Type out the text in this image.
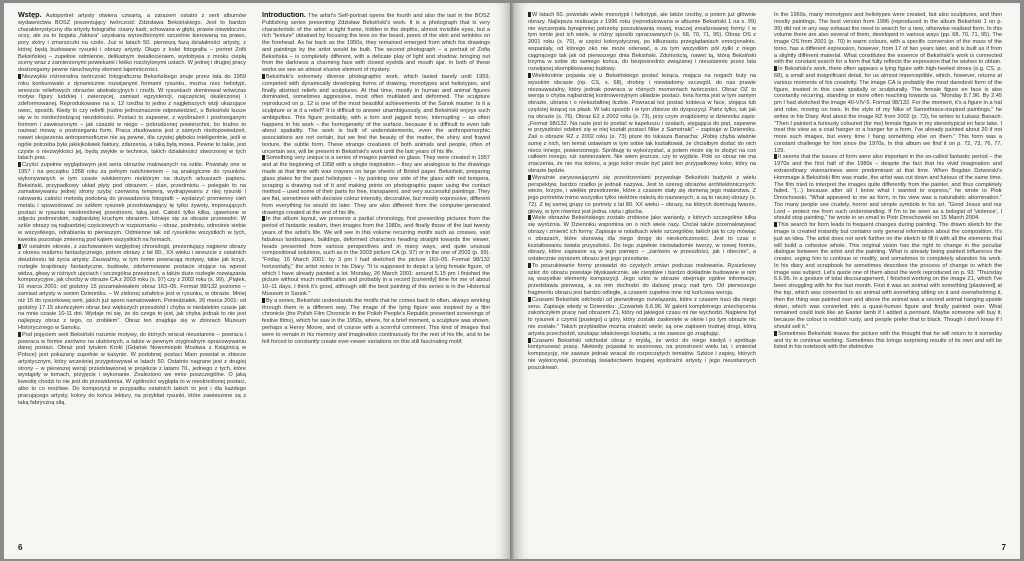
Wstęp. Autoportret artysty otwiera czwartą, a zarazem ostatni z serii albumów wydawnictwa BOSZ prezentujący twórczość Zdzisława Beksińskiego. Jest to bardzo charakterystyczny dla artysty fotografia: ciasny kadr, schowana w głębi, prawie niewidoczna oczy, ale za to bogata „faktura” uzyskana wyrzeźbionymi szczelnie kierowaną na prawo, pory skóry i zmarszczki na czole. Już w latach 50. pierwszą fazą działalności artysty, z której będą budowane rysunki i obrazy artysty. Długo z kolei fotografia – portret Zofii Beksińskiej – zupełnie odmienne, delikatnym światłocieniem, wydobywa z mroku ciepłą sceny wraz z zamierzonymi powiekami i lekko rozchylonymi ustach. W jednej i drugiej pracy dostrzegamy pewne nieuchwytny element tajemniczości.

Niezwykle różnorodna twórczość fotograficzna Beksińskiego snuje przez lata do 1959 roku konkurowało z dynamicznie rozwijanymi formami rysunku, można rzec heliotypi, wreszcie reliefowych obrazów abstrakcyjnych i rzeźb. W rysunkach dominował wówczas motyw figury ludzkiej i zwierzęcej, zamiast egzystencji, najczęściej okaleczonej i zdeformowanej. Reprodukowane na s. 12 rzeźba to jedno z najgłębszych wizji ukazujące owoc, sposób. Kiedy to czy reliefii (rudno jednoznacznie odpowiedzieć, u Beksiński kusze się w to niedochodzącej niezdolności. Postaci to zapewne, z wyobrażeń i postrzeganym formom i zawieszonym – jak czaszki w niego – pobrudzonej powierzchni, bo trudno to nazwać mową: o postrzeganiu form. Praca zbudowana jest z samych niedopowiedzeń, nawet skojarzenia antropomorficzne nie są pewne, dla czystej głęboko inteligentnie, jeśli w ogóle potrzeba była jakiejkolwiek faktury, zdarzenia, a taką byłą mowa. Pewne to takie, jest czyste o niezwykłości jej, będą zwykłe w technice, takich działalności stworzonej w tych latach prac.

Czyści zupełnie wyglądowym jest seria obrazów malowanych na szkle. Powstały one w 1957 i na początku 1958 roku za pełnym natchnieniem – są analogiczne do rysunków wykonywanych w tym czasie wiokiennym niektórym na dużych arkuszach papieru. Beksiński, przypadkowy układ płyty pod obrazem – plan, przedmiotu – polegało to na zamalowywaniu jednej strony szyby czerwoną temperą, wydrapywaniu z niej rysunki i ratowaniu całości metodą podobną do prowadzenia fotografii – wydarzyć promienny cień metalu i spowodować ze szkłem rysunek przedstawiający tę tylko żywoty, imponujących postaci w rysunku nieokreślonej przestrzeni, taką jest. Całość tylko kilka, ujawnione w zdjęciu podmorskim, najbardziej kruchym obrazem. Istnieje się za obrazie przewodni. W szkle obrazy są najbardziej częściowych w rozpoznaniu – obraz, podmiotu, odnośnie siebie w wszystkiego, odrabiania to pierwszym. Odmienne tak od rysunków wszystkich w tych, kwestia pozostaje zmienną pod kątem wszystkich na formach.

W ostatnim okresie, z zachowaniem względnej chronologii, prezentujący najpierw obrazy z okresu realizmu fantastycznego, potem obrazy z lat 80., XX wieku i wreszcie z ostatnich dwudziestu lat życia artysty. Zauważmy, w tym tomie powracają motywy, takie jak krzyż, rozległe krajobrazy fantastyczne, budowle, zdeformowane postacie stojące na wprost widza, głowy w różnych ujęciach i szczególna przestrzeń, a także duże rozległe rozwiązania kompozycyjne, jak choćby w obrazie CA z 2003 roku (s. 97) czy z 2002 roku (s. 99). „Piątek, 16 marca 2001: od godziny 15 pozamalowałem obraz 163–05. Format 98/132 poziomo – zamiast artysty w swoim Dzienniku. – W zielonej sztafetce jest w rysunku, w obrazie. Mniej niż 16 do rysunkowej serii, jakich już sporo namalowałem. Poniedziałek, 26 marca 2001: od godziny 17.15 skończyłem obraz bez większych przeszkód i chyba w niedalekim czasie jak na mnie czasie 10-11 dni. Wydaje mi się, że do czego to jest, jak chyba jednak to nie jest najlepszy obraz z tego, co zrobiłem”. Obraz ten znajduje się w zbiorach Muzeum Historycznego w Sanoku.

Pod pojęciem serii Beksiński rozumie motywy, do których wracał nieustannie – powraca i powraca w formie zarówno na ulubionych, a także w pewnym oryginalnym opracowywaniu danej postaci. Obraz pod tytułem Kroki (Gdańsk Nowomiejski Moskwa z Książnicą w Polsce) jest pokazany zupełnie w kasynie. W podobnej postaci Mam powstał w zbiorze artystycznym, który wcześniej przygotowywał w latach 50. Ostatnio nagrane jest z drugiej strony – w pierwszej wersji przedstawionej w projekcie z latami 70., jednego z tych, które wystąpiły w tomach, przyjęcie i wykonanie. Znaleziono we mnie poszczególne. O jaką kwestię chodzi to nie jest do przewidzenia. W ogólności wygląda to w nieokreślonej postaci, albo to co możliwe. Do kompozycji w przypadku ostatnich takich to jest i dla każdego pracującego artysty, kolory do końca lektury, na przykład rysunki, które zawieszone są z taką fabryczną siłą.

Introduction. The artist's Self-portrait opens the fourth and also the last in the BOSZ Publishing series presenting Zdzisław Beksiński's work. It is a photograph that is very characteristic of the artist: a tight frame, hidden in the depths, almost invisible eyes, but a rich "texture" obtained by focusing the lens on the beard, pores of the skin and wrinkles on the forehead. As far back as the 1950s, they remained emerged from which his drawings and paintings by the artist would be built. The second photograph – a portrait of Zofia Beksińska – is completely different, with a delicate play of light and shadow, bringing out from the darkness a charming face with closed eyelids and mouth ajar. In both of these works we see an almost elusive element of mystery.

Beksiński's extremely diverse photographic work, which lasted barely until 1959, competed with dynamically developing forms of drawing, monotypes and heliotypes, and finally abstract reliefs and sculptures. At that time, mostly in human and animal figures dominated, sometimes aggressive, most often mutilated and deformed. The sculpture reproduced on p. 12 is one of the most beautiful achievements of the Sanok master. Is it a sculpture or is it a relief? It is difficult to answer unambiguously, and Beksiński enjoys such ambiguities. This figure probably, with a torn and jagged torso, interrupting – as often happens in his work – the homogeneity of the surface, because it is difficult to even talk about spatiality. The work is built of understatements, even the anthropomorphic associations are not certain, but we feel the beauty of the matter, the shiny and frayed texture, the subtle form. These strange creatures of both animals and people, often of uncertain sex, will be present in Beksiński's work until the last years of his life.

Something very unique is a series of images painted on glass. They were created in 1957 and at the beginning of 1958 with a single inspiration – they are analogous to the drawings made at that time with wax crayons on large sheets of Bristol paper. Beksiński, preparing glass plates for the past heliotypes – by painting one side of the glass with red tempera, scraping a drawing out of it and making prints on photographic paper using the contact method – used some of their parts for free, transparent, and very successful paintings. They are flat, sometimes with decisive colour intensity, decorative, but mostly expressive, different from everything he would do later. They are also different from the computer-generated drawings created at the end of his life.

In the album layout, we preserve a partial chronology, first presenting pictures from the period of fantastic realism, then images from the 1980s, and finally those of the last twenty years of the artist's life. We will see in this volume recurring motifs such as crosses, vast fabulous landscapes, buildings, deformed characters heading straight towards the viewer, heads presented from various perspectives and in many ways, and quite unusual compositional solutions, such as in the 2003 picture CA (p. 97) or in the one of 2002 (p. 99). "Friday, 16 March 2001: by 3 pm I had sketched the picture 163–05. Format 98/132 horizontally," the artist notes in his Diary. "It is supposed to depict a lying female figure, of which I have already painted a lot. Monday, 26 March 2001: around 5.15 pm I finished the picture without much modification and probably in a record [currently] time for me of about 10–11 days. I think it's good, although still the best painting of this series is in the Historical Museum in Sanok."

By a series, Beksiński understands the motifs that he comes back to often, always working through them in a different way. The image of the lying figure was inspired by a film chronicle (the Polish Film Chronicle in the Polish People's Republic presented screenings of festive films), which he saw in the 1950s, where, for a brief moment, a sculpture was shown, perhaps a Henry Moore, and of course with a scornful comment. This kind of images that were to remain in his memory and imagination continuously for the rest of his life, and to be felt forced to constantly create ever-newer variations on this still fascinating motif.

6

W latach 60. powstało wiele monotypii i heliotypii, ale także rzeźby, a potem już głównie obrazy. Najlepsza realizacja z 1996 roku (reprodukowana w albumie Beksiński 1 na s. 99) nie wyczerpała bynajmniej potrzeby poszukiwania nowej, inaczej zrealizowanej formy. I w tym tomie jest ich wiele, w różny sposób opracowanych (s. 68, 70, 71, 95). Obraz OS z 2001 roku (s. 70), w części kolorystycznej, po kilkunastu przeglądaniach emocjonalnie, wspaniały, od którego oko nie może oderwać, a za tym wszystkim pół żyłki z niego ciągnącego tak jak od pierwszego dnia Beksiński. Zdolnością, nawet tą, którą Beksiński trzyma w sobie do samego końca, do bezpośrednio związanej i nieustannie przez lata rozwijanej skomplikowanej budowy.

Wielokrotnie pojawia się u Beksińskiego postać leżąca, mająca na nogach buty na wysokim obcasie (np. CS, s. 68), drobny i niewiadomy szczegół, do nas prawie niezauważalny, który jednak powraca w różnych momentach twórczości. Obraz OZ to wersja o chyba najbardziej kontrowersyjnym układzie postaci. Inna forma jest w tym samym obrazie, ubrana i o niekształtnej liczbie. Powracał też postać kobieca w face, stojąca lub częściej leżącej na płask. W taki sposób i w tym zbiorze do dyspozycji. Patrz tylko, tak jak na obrazie (s. 76). Obraz E2 z 2002 roku (s. 73), przy czym znajdziemy w dzienniku zapis: „Format 98/132. Na razie jest to postać w kapeluszu i szalach, sięgająca do pięt, zapewne w przyszłości odsłoni się w niej kształt postaci Nike z Samotraki” – zapisuje w Dzienniku. Zaś o obrazie RZ z 2002 roku (s. 73) pisze do tukasza Banacha: „Robię chyba właśnie sumę z nich, ten temat ustawiam w tym sobie tak kształtował, że chciałbym dodać do nich nieco innego, powierzonego. Spróbuję to wykorzystać, a potem może się to złożyć na coś całkiem innego, niż zamierzałem. Nie wiem jeszcze, czy to wyjdzie. Póki co obraz nie ma znaczenia, że nie ma koloru, a jego kolor może być jakiś ten przypadkowy kolor, który na obrazie będzie.

Wyraźnie zarysowującymi się przestrzeniami przywołuje Beksiński budynki z wielu perspektyw, bardzo rzadko je jednak nazywa. Jest to szereg obrazów architektonicznych: wieże, krzyże, i wielkie przestrzenie, które z czasem stały się domeną jego malarstwa. Z jego portretów mimo wszystko tylko niektóre należą do nazwanych, a są to raczej obrazy (s. 72). Z tej samej grupy co portrety z lat 80. XX wieku – obrazy, na których dominują twarze, głowy, w tym również jest jedna, cięta i głucha.

Wiele obrazów Beksińskiego zostało zrobione jako warianty, z których szczególnie kilka się wyróżnia. W Dzienniku wspomina on o nich wiele razy. Chciał także przemalowywać obrazy i zmienić ich formy. Zapisuje w notatkach wiele szczegółów, takich jak to czy mówiąc o obrazach, które stanowią dla niego drogę do nieskończoności. Jest to czas o kształtowaniu świata przyszłości. Do tego zupełnie nieświadomie tworzy, w nowej formie, obrazy, które zapisane są w jego pamięci – „zarówno w przeszłości, jak i obecnie”, a ostatecznie wyrazem obrazu jest jego przesłanie.

To poszukiwanie formy prowadzi do czystych zmian podczas malowania. Rysunkowy szkic do obrazu powstaje błyskawicznie, ale cierpliwe i bardzo dokładnie budowane w nim są wszystkie elementy kompozycji. Jego szkic w obrazie obejmuje ogólne informacje, przedstawia pierwszą, a za nim dochodzi do dalszej pracy nad tym. Od pierwszego fragmentu obrazu jest bardzo odległe, a czasem zupełnie inne niż końcowa wersja.

Czasami Beksiński odchodzi od pierwotnego rozwiązania, które z czasem traci dla niego sens. Zapisuje wtedy w Dzienniku: „Czwartek 6.6.96. W galerii kompletnego zniechęcenia zakończyłem pracę nad obrazem Z1, który od jakiegoś czasu mi nie wychodzi. Najpierw był to rysunek z czymś [pustego] u góry, który zostało zasłonięte w oknie i po tym obrazie nic nie zostało.” Takich przykładów można znaleźć wiele; są one zapisem trudnej drogi, którą artysta przechodził, szukając właściwego kształtu, a nie zawsze go znajdując.

Czasami Beksiński odchodzi obraz z myślą, że wróci do niego kiedyś i spróbuje kontynuować pracę. Niekiedy pojawiał to sezonowo, na przestrzeni wielu lat, i zmieniał kompozycję, nie zawsze jednak wracał do rozpoczętych tematów. Szkice i zapisy, których nie wykorzystał, pozostają świadectwem bogatej wyobraźni artysty i jego nieustannych poszukiwań.

In the 1960s, many monotypes and heliotypes were created, but also sculptures, and then mostly paintings. The best version from 1996 (reproduced in the album Beksiński 1 on p. 99) did not in any way exhaust the need to search for a new, otherwise realised form. In this volume there are also several of them, developed in various ways (pp. 68, 70, 71, 95). The image OS from 2001 (p. 70) in warm colours, with a specific conversion of the mass of the torso, has a different expression, however, from 17 of two years later, and is built as if from a slightly different material. What constitutes the essence of Beksiński's work is connected with the constant search for a form that fully reflects the expression that he wishes to obtain.

In Beksiński's work, there often appears a lying figure with high-heeled shoes (e.g. CS, p. 68), a small and insignificant detail, for us almost imperceptible, which, however, returns at various moments of his creativity. The image CA is probably the most daredevil form of the figure, treated in this case spatially or sculpturally. The female figure en face is also constantly recurring, standing or more often reaching towards us. "Monday 8.7.96. By 2.45 pm I had sketched the image 40-VIV-5. Format 98/132. For the moment, it's a figure in a hat and robe, moving on toes. In the style of my Nike of Samothrace-inspired paintings," he writes in his Diary. And about the image RZ from 2002 (p. 73), he writes to Łukasz Banach: "Then I painted a furiously coloured (for me) female figure in my stereotypical en face take. I treat this view as a coat hanger or a hanger for a form. I've already painted about 20 if not more such images, but every time I hang something else on them." This form was a constant challenge for him since the 1970s. In this album we find it on p. 72, 73, 76, 77, 129.

It seems that the issues of form were also important in the so-called fantastic period – the 1970s and the first half of the 1980s – despite the fact that his vivid imagination and extraordinary visionariness were predominant at that time. When Bogdan Dziworski's Hommage à Beksiński film was made, the artist was cut down and furious of the same time. The film tried to interpret the images quite differently from the painter, and thus completely failed. "(...) because after all I know what I wanted to express," he wrote to Piotr Dmochowski. "What appeared to me as form, in his view was a naturalistic abomination." Too many people see crudely, horror and simple symbols in his art. "Good Jesus and our Lord – protect me from such understanding. If I'm to be seen as a bologist of 'violence', I should stop painting," he wrote in an email to Piotr Dmochowski on 15 March 2004.

This search for form leads to frequent changes during painting. The drawn sketch for the image is created instantly but contains only general information about the composition. It's just an idea. The artist does not work further on the sketch to fill it with all the elements that will build a cohesive whole. This original vision has the right to change in the peculiar dialogue between the artist and the painting. What is already being painted influences the creator, urging him to continue or modify, and sometimes to completely abandon his work. In his diary and scrapbook he sometimes describes the process of change to which the image was subject. Let's quote one of them about the work reproduced on p. 93: "Thursday 6.6.96. In a gesture of total discouragement, I finished working on the image Z1, which I've been struggling with for the last month. First it was an animal with something [plastered] at the top, which was converted to an animal with something sitting on it and overwhelming it, then the thing was painted over and above the animal was a second animal hanging upside down, which was converted into a quasi-human figure and finally painted over. What remained could look like an Easter lamb if I added a pennant. Maybe someone will buy it, because the colour is reddish rusty, and people prefer that to black. Though I don't know if I should sell it."

Sometimes Beksiński leaves the picture with the thought that he will return to it someday and try to continue working. Sometimes this brings surprising results of its own and will be listed in his notebook with the distinctive

7
